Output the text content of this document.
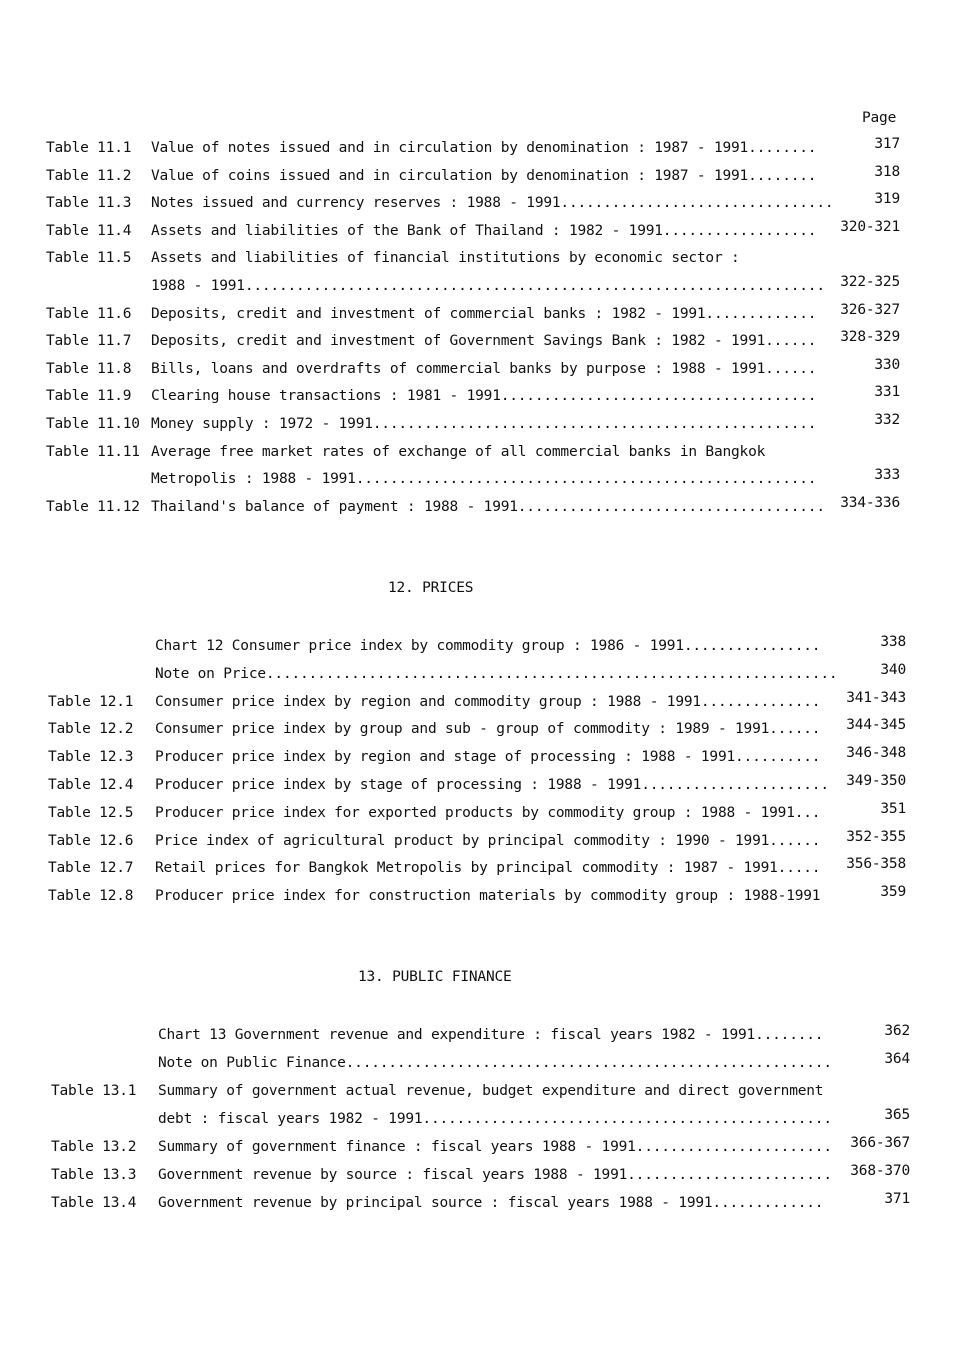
Page
12. PRICES
13. PUBLIC FINANCE
Table 11.1 Value of notes issued and in circulation by denomination : 1987 - 1991........	317
Table 11.2 Value of coins issued and in circulation by denomination : 1987 - 1991........	318
Table 11.3 Notes issued and currency reserves : 1988 - 1991................................	319
Table 11.4 Assets and liabilities of the Bank of Thailand : 1982 - 1991..................	320-321
Table 11.5 Assets and liabilities of financial institutions by economic sector :
1988 - 1991....................................................................	322-325
Table 11.6 Deposits, credit and investment of commercial banks : 1982 - 1991.............	326-327
Table 11.7 Deposits, credit and investment of Government Savings Bank : 1982 - 1991......	328-329
Table 11.8 Bills, loans and overdrafts of commercial banks by purpose : 1988 - 1991......	330
Table 11.9 Clearing house transactions : 1981 - 1991.....................................	331
Table 11.10 Money supply : 1972 - 1991....................................................	332
Table 11.11 Average free market rates of exchange of all commercial banks in Bangkok
Metropolis : 1988 - 1991......................................................	333
Table 11.12 Thailand's balance of payment : 1988 - 1991....................................	334-336
Chart 12 Consumer price index by commodity group : 1986 - 1991................	338
Note on Price...................................................................	340
Table 12.1 Consumer price index by region and commodity group : 1988 - 1991..............	341-343
Table 12.2 Consumer price index by group and sub - group of commodity : 1989 - 1991......	344-345
Table 12.3 Producer price index by region and stage of processing : 1988 - 1991..........	346-348
Table 12.4 Producer price index by stage of processing : 1988 - 1991......................	349-350
Table 12.5 Producer price index for exported products by commodity group : 1988 - 1991...	351
Table 12.6 Price index of agricultural product by principal commodity : 1990 - 1991......	352-355
Table 12.7 Retail prices for Bangkok Metropolis by principal commodity : 1987 - 1991.....	356-358
Table 12.8 Producer price index for construction materials by commodity group : 1988-1991	359
Chart 13 Government revenue and expenditure : fiscal years 1982 - 1991........	362
Note on Public Finance.........................................................	364
Table 13.1 Summary of government actual revenue, budget expenditure and direct government
debt : fiscal years 1982 - 1991................................................	365
Table 13.2 Summary of government finance : fiscal years 1988 - 1991.......................	366-367
Table 13.3 Government revenue by source : fiscal years 1988 - 1991........................	368-370
Table 13.4 Government revenue by principal source : fiscal years 1988 - 1991.............	371
